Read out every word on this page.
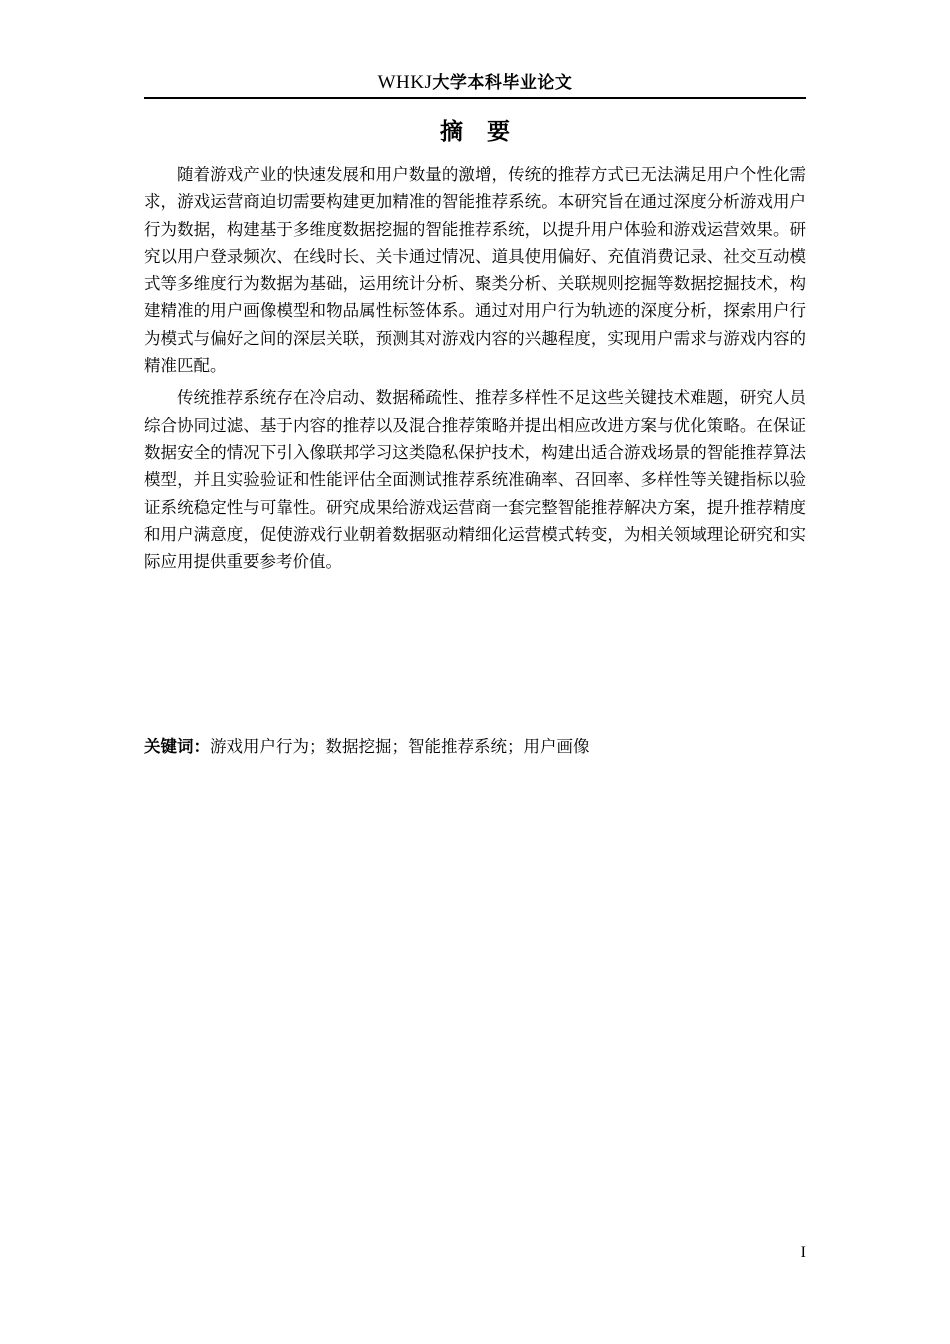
WHKJ大学本科毕业论文
摘要

随着游戏产业的快速发展和用户数量的激增，传统的推荐方式已无法满足用户个性化需求，游戏运营商迫切需要构建更加精准的智能推荐系统。本研究旨在通过深度分析游戏用户行为数据，构建基于多维度数据挖掘的智能推荐系统，以提升用户体验和游戏运营效果。研究以用户登录频次、在线时长、关卡通过情况、道具使用偏好、充值消费记录、社交互动模式等多维度行为数据为基础，运用统计分析、聚类分析、关联规则挖掘等数据挖掘技术，构建精准的用户画像模型和物品属性标签体系。通过对用户行为轨迹的深度分析，探索用户行为模式与偏好之间的深层关联，预测其对游戏内容的兴趣程度，实现用户需求与游戏内容的精准匹配。

传统推荐系统存在冷启动、数据稀疏性、推荐多样性不足这些关键技术难题，研究人员综合协同过滤、基于内容的推荐以及混合推荐策略并提出相应改进方案与优化策略。在保证数据安全的情况下引入像联邦学习这类隐私保护技术，构建出适合游戏场景的智能推荐算法模型，并且实验验证和性能评估全面测试推荐系统准确率、召回率、多样性等关键指标以验证系统稳定性与可靠性。研究成果给游戏运营商一套完整智能推荐解决方案，提升推荐精度和用户满意度，促使游戏行业朝着数据驱动精细化运营模式转变，为相关领域理论研究和实际应用提供重要参考价值。

关键词：游戏用户行为；数据挖掘；智能推荐系统；用户画像
I
